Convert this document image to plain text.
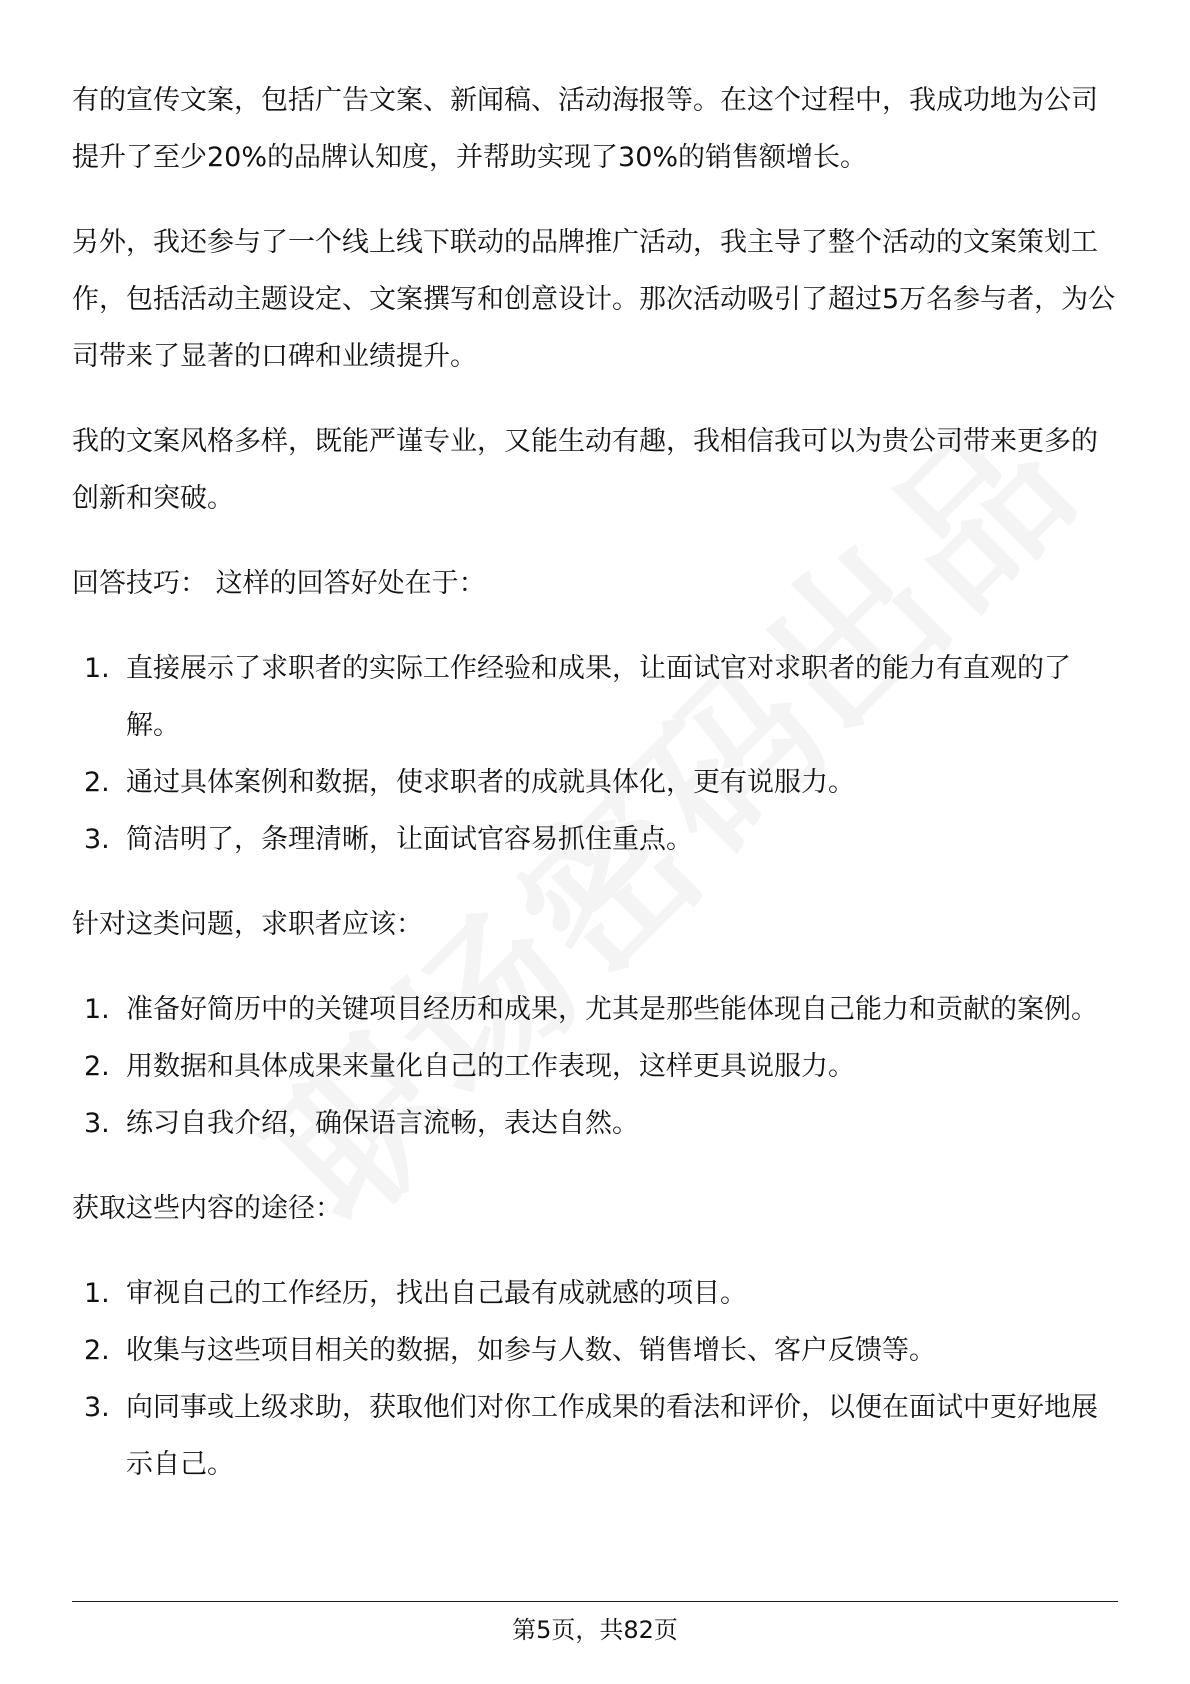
有的宣传文案，包括广告文案、新闻稿、活动海报等。在这个过程中，我成功地为公司提升了至少20%的品牌认知度，并帮助实现了30%的销售额增长。

另外，我还参与了一个线上线下联动的品牌推广活动，我主导了整个活动的文案策划工作，包括活动主题设定、文案撰写和创意设计。那次活动吸引了超过5万名参与者，为公司带来了显著的口碑和业绩提升。

我的文案风格多样，既能严谨专业，又能生动有趣，我相信我可以为贵公司带来更多的创新和突破。

回答技巧： 这样的回答好处在于：

1. 直接展示了求职者的实际工作经验和成果，让面试官对求职者的能力有直观的了解。
2. 通过具体案例和数据，使求职者的成就具体化，更有说服力。
3. 简洁明了，条理清晰，让面试官容易抓住重点。

针对这类问题，求职者应该：

1. 准备好简历中的关键项目经历和成果，尤其是那些能体现自己能力和贡献的案例。
2. 用数据和具体成果来量化自己的工作表现，这样更具说服力。
3. 练习自我介绍，确保语言流畅，表达自然。

获取这些内容的途径：

1. 审视自己的工作经历，找出自己最有成就感的项目。
2. 收集与这些项目相关的数据，如参与人数、销售增长、客户反馈等。
3. 向同事或上级求助，获取他们对你工作成果的看法和评价，以便在面试中更好地展示自己。
第5页，共82页
